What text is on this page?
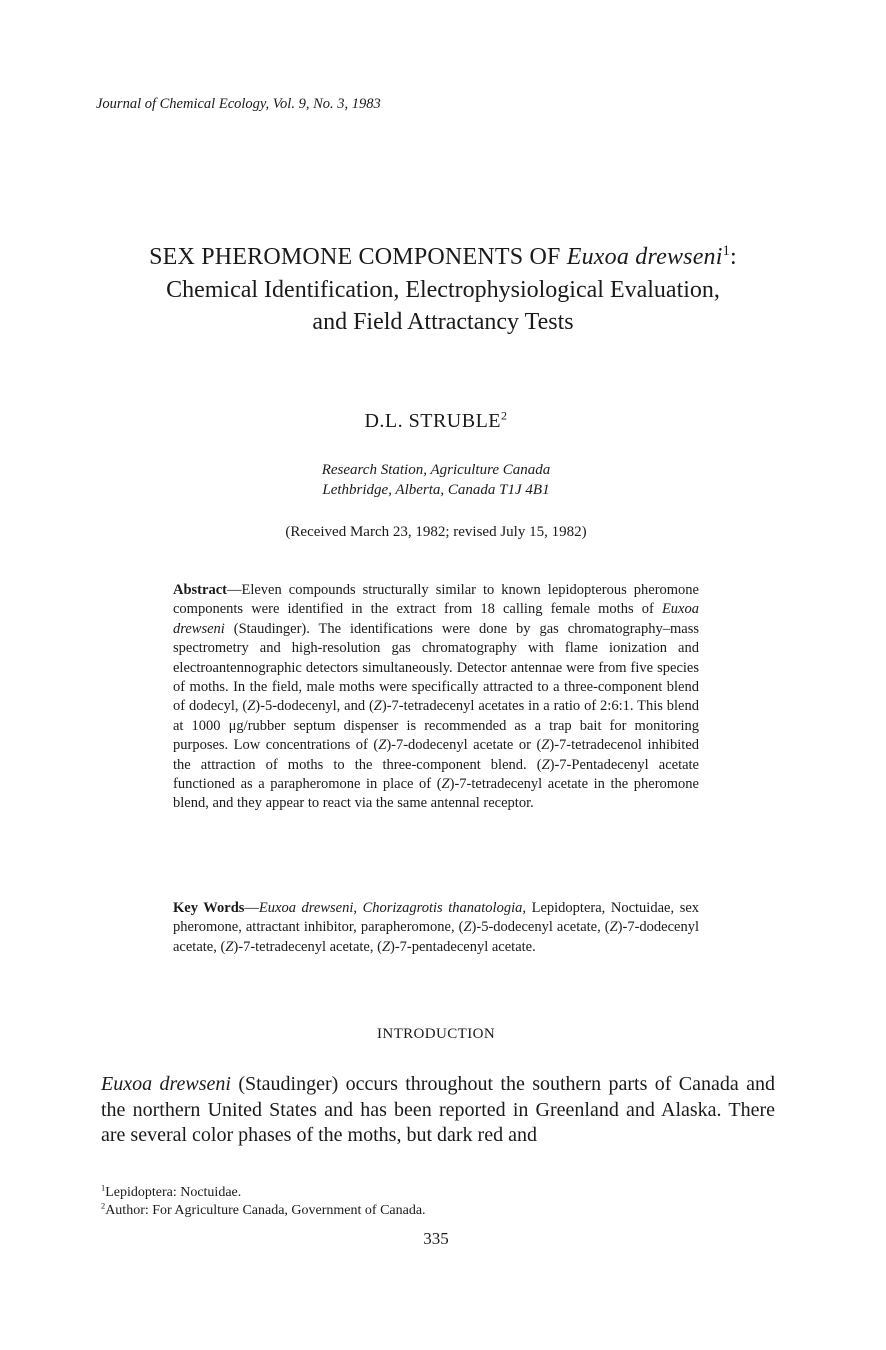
Journal of Chemical Ecology, Vol. 9, No. 3, 1983
SEX PHEROMONE COMPONENTS OF Euxoa drewseni$^1$:
Chemical Identification, Electrophysiological Evaluation,
and Field Attractancy Tests
D.L. STRUBLE$^2$
Research Station, Agriculture Canada
Lethbridge, Alberta, Canada T1J 4B1
(Received March 23, 1982; revised July 15, 1982)
Abstract—Eleven compounds structurally similar to known lepidopterous pheromone components were identified in the extract from 18 calling female moths of Euxoa drewseni (Staudinger). The identifications were done by gas chromatography–mass spectrometry and high-resolution gas chromatography with flame ionization and electroantennographic detectors simultaneously. Detector antennae were from five species of moths. In the field, male moths were specifically attracted to a three-component blend of dodecyl, (Z)-5-dodecenyl, and (Z)-7-tetradecenyl acetates in a ratio of 2:6:1. This blend at 1000 μg/rubber septum dispenser is recommended as a trap bait for monitoring purposes. Low concentrations of (Z)-7-dodecenyl acetate or (Z)-7-tetradecenol inhibited the attraction of moths to the three-component blend. (Z)-7-Pentadecenyl acetate functioned as a parapheromone in place of (Z)-7-tetradecenyl acetate in the pheromone blend, and they appear to react via the same antennal receptor.
Key Words—Euxoa drewseni, Chorizagrotis thanatologia, Lepidoptera, Noctuidae, sex pheromone, attractant inhibitor, parapheromone, (Z)-5-dodecenyl acetate, (Z)-7-dodecenyl acetate, (Z)-7-tetradecenyl acetate, (Z)-7-pentadecenyl acetate.
INTRODUCTION
Euxoa drewseni (Staudinger) occurs throughout the southern parts of Canada and the northern United States and has been reported in Greenland and Alaska. There are several color phases of the moths, but dark red and
$^1$Lepidoptera: Noctuidae.
$^2$Author: For Agriculture Canada, Government of Canada.
335
